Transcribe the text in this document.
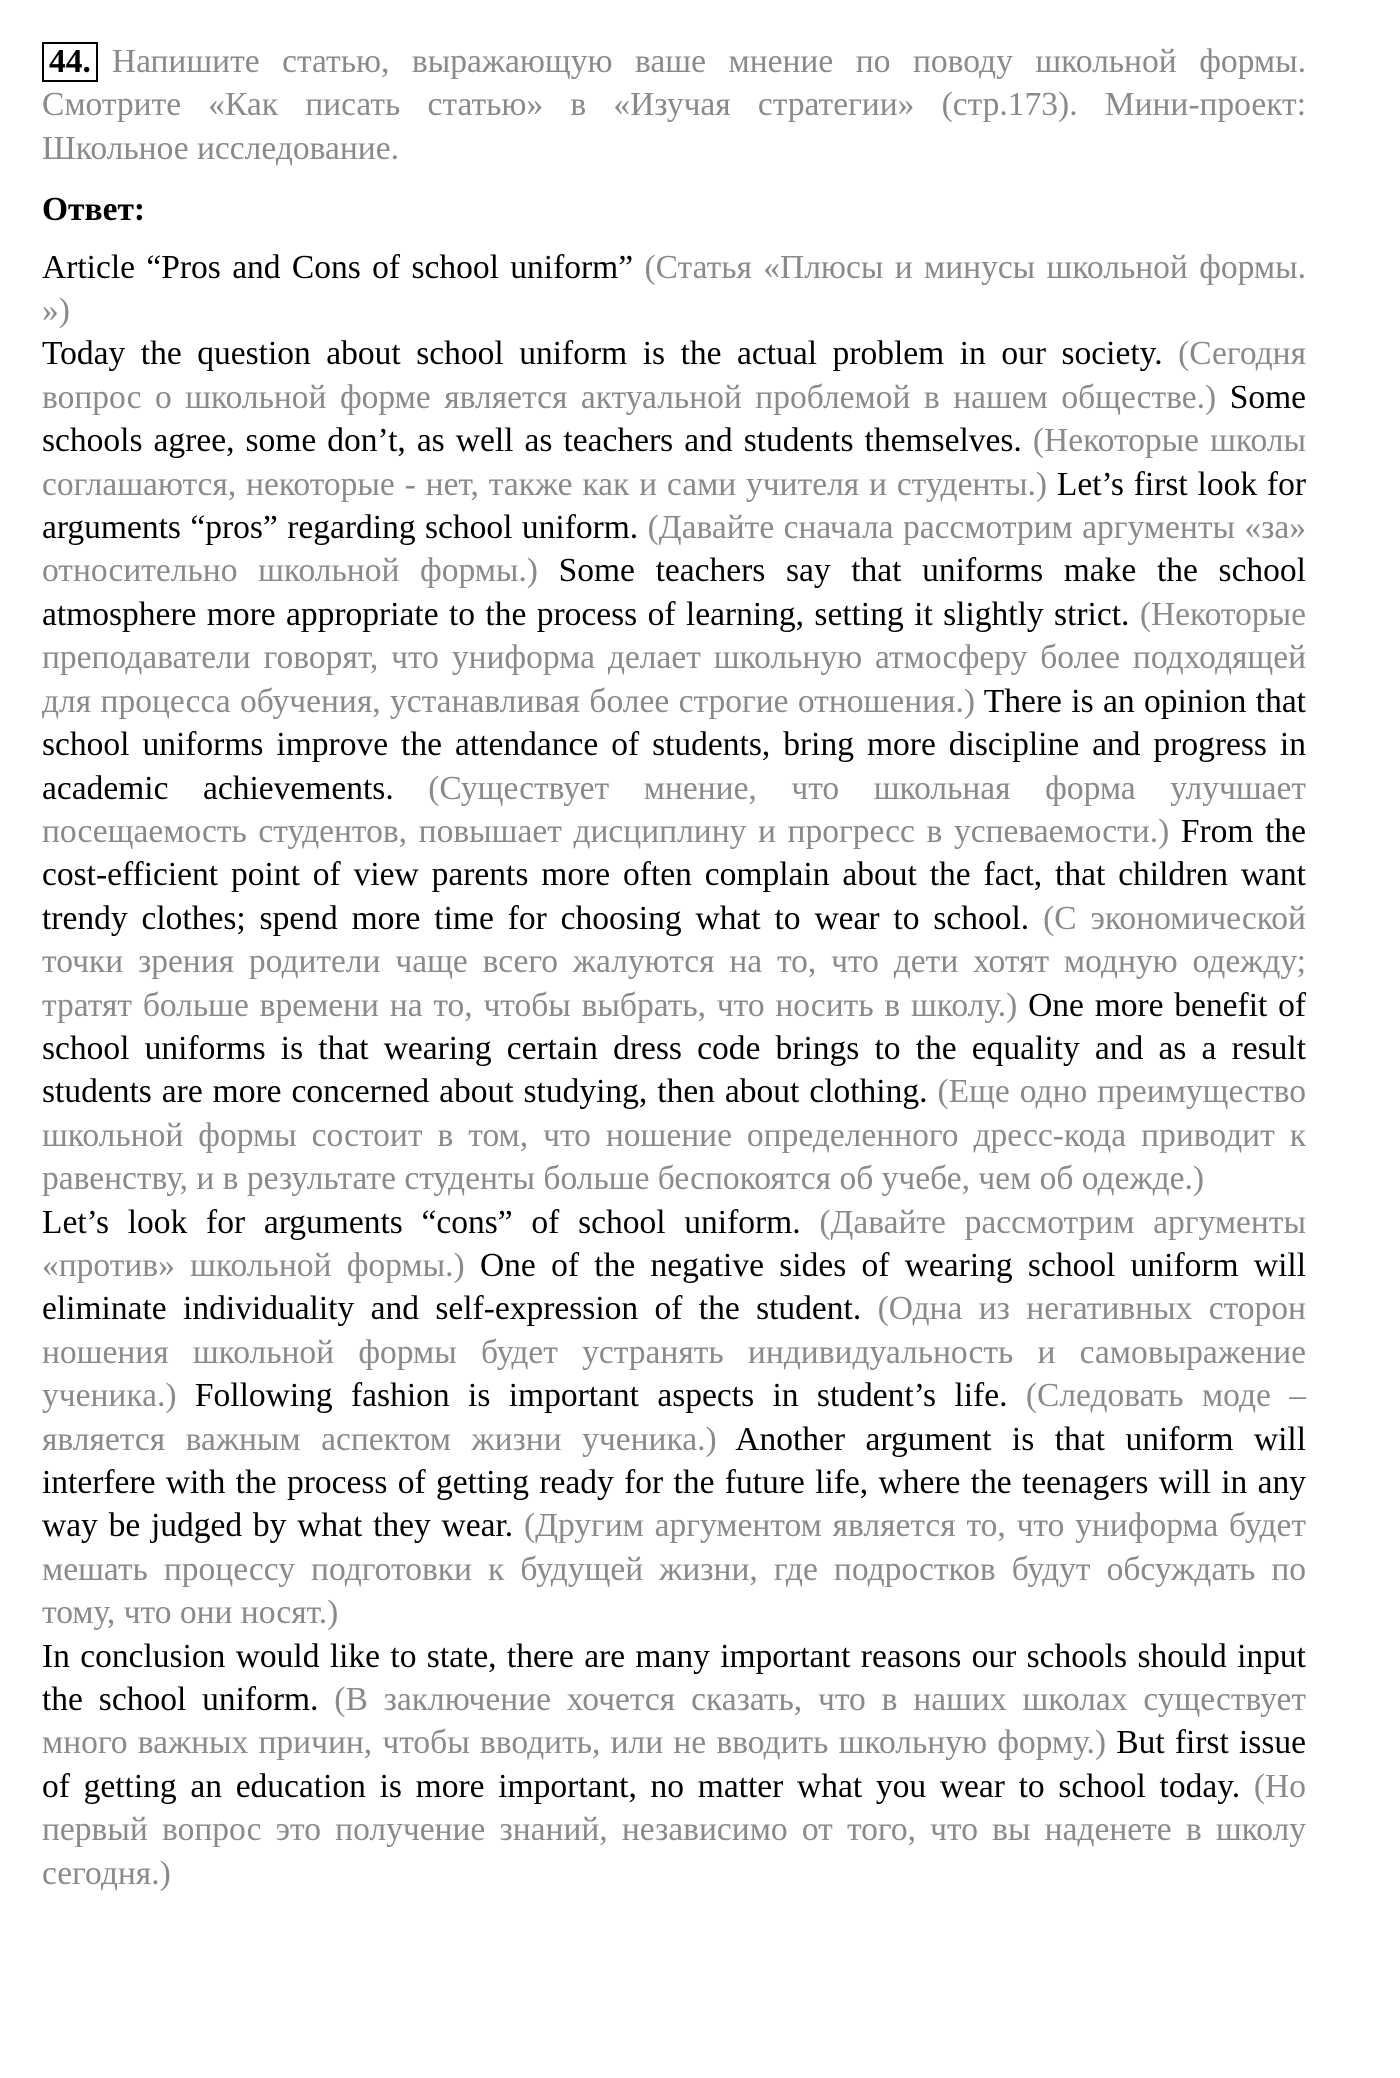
44. Напишите статью, выражающую ваше мнение по поводу школьной формы. Смотрите «Как писать статью» в «Изучая стратегии» (стр.173). Мини-проект: Школьное исследование.

Ответ:

Article “Pros and Cons of school uniform” (Статья «Плюсы и минусы школьной формы. »)

Today the question about school uniform is the actual problem in our society. (Сегодня вопрос о школьной форме является актуальной проблемой в нашем обществе.) Some schools agree, some don’t, as well as teachers and students themselves. (Некоторые школы соглашаются, некоторые - нет, также как и сами учителя и студенты.) Let’s first look for arguments “pros” regarding school uniform. (Давайте сначала рассмотрим аргументы «за» относительно школьной формы.) Some teachers say that uniforms make the school atmosphere more appropriate to the process of learning, setting it slightly strict. (Некоторые преподаватели говорят, что униформа делает школьную атмосферу более подходящей для процесса обучения, устанавливая более строгие отношения.) There is an opinion that school uniforms improve the attendance of students, bring more discipline and progress in academic achievements. (Существует мнение, что школьная форма улучшает посещаемость студентов, повышает дисциплину и прогресс в успеваемости.) From the cost-efficient point of view parents more often complain about the fact, that children want trendy clothes; spend more time for choosing what to wear to school. (С экономической точки зрения родители чаще всего жалуются на то, что дети хотят модную одежду; тратят больше времени на то, чтобы выбрать, что носить в школу.) One more benefit of school uniforms is that wearing certain dress code brings to the equality and as a result students are more concerned about studying, then about clothing. (Еще одно преимущество школьной формы состоит в том, что ношение определенного дресс-кода приводит к равенству, и в результате студенты больше беспокоятся об учебе, чем об одежде.)

Let’s look for arguments “cons” of school uniform. (Давайте рассмотрим аргументы «против» школьной формы.) One of the negative sides of wearing school uniform will eliminate individuality and self-expression of the student. (Одна из негативных сторон ношения школьной формы будет устранять индивидуальность и самовыражение ученика.) Following fashion is important aspects in student’s life. (Следовать моде – является важным аспектом жизни ученика.) Another argument is that uniform will interfere with the process of getting ready for the future life, where the teenagers will in any way be judged by what they wear. (Другим аргументом является то, что униформа будет мешать процессу подготовки к будущей жизни, где подростков будут обсуждать по тому, что они носят.)

In conclusion would like to state, there are many important reasons our schools should input the school uniform. (В заключение хочется сказать, что в наших школах существует много важных причин, чтобы вводить, или не вводить школьную форму.) But first issue of getting an education is more important, no matter what you wear to school today. (Но первый вопрос это получение знаний, независимо от того, что вы наденете в школу сегодня.)
